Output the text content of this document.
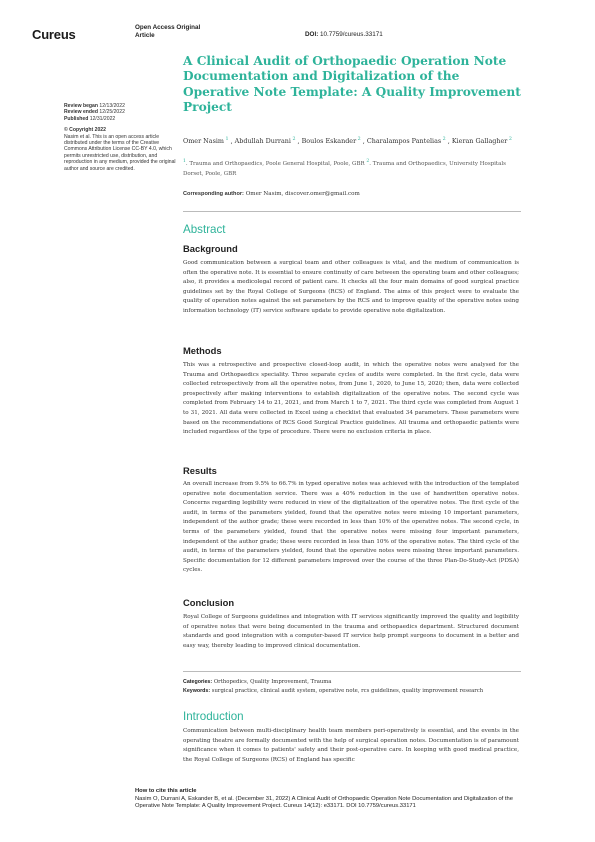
Cureus	Open Access Original
Article	DOI: 10.7759/cureus.33171
Review began 12/13/2022
Review ended 12/25/2022
Published 12/31/2022
© Copyright 2022
Nasim et al. This is an open access article distributed under the terms of the Creative Commons Attribution License CC-BY 4.0, which permits unrestricted use, distribution, and reproduction in any medium, provided the original author and source are credited.
A Clinical Audit of Orthopaedic Operation Note Documentation and Digitalization of the Operative Note Template: A Quality Improvement Project
Omer Nasim $^1$ , Abdullah Durrani $^2$ , Boulos Eskander $^2$ , Charalampos Pantelias $^2$ , Kieran Gallagher $^2$
$^1$. Trauma and Orthopaedics, Poole General Hospital, Poole, GBR $^2$. Trauma and Orthopaedics, University Hospitals Dorset, Poole, GBR
Corresponding author: Omer Nasim, discover.omer@gmail.com
Abstract
Background
Good communication between a surgical team and other colleagues is vital, and the medium of communication is often the operative note. It is essential to ensure continuity of care between the operating team and other colleagues; also, it provides a medicolegal record of patient care. It checks all the four main domains of good surgical practice guidelines set by the Royal College of Surgeons (RCS) of England. The aims of this project were to evaluate the quality of operation notes against the set parameters by the RCS and to improve quality of the operative notes using information technology (IT) service software update to provide operative note digitalization.
Methods
This was a retrospective and prospective closed-loop audit, in which the operative notes were analysed for the Trauma and Orthopaedics speciality. Three separate cycles of audits were completed. In the first cycle, data were collected retrospectively from all the operative notes, from June 1, 2020, to June 15, 2020; then, data were collected prospectively after making interventions to establish digitalization of the operative notes. The second cycle was completed from February 14 to 21, 2021, and from March 1 to 7, 2021. The third cycle was completed from August 1 to 31, 2021. All data were collected in Excel using a checklist that evaluated 34 parameters. These parameters were based on the recommendations of RCS Good Surgical Practice guidelines. All trauma and orthopaedic patients were included regardless of the type of procedure. There were no exclusion criteria in place.
Results
An overall increase from 9.5% to 66.7% in typed operative notes was achieved with the introduction of the templated operative note documentation service. There was a 40% reduction in the use of handwritten operative notes. Concerns regarding legibility were reduced in view of the digitalization of the operative notes. The first cycle of the audit, in terms of the parameters yielded, found that the operative notes were missing 10 important parameters, independent of the author grade; these were recorded in less than 10% of the operative notes. The second cycle, in terms of the parameters yielded, found that the operative notes were missing four important parameters, independent of the author grade; these were recorded in less than 10% of the operative notes. The third cycle of the audit, in terms of the parameters yielded, found that the operative notes were missing three important parameters. Specific documentation for 12 different parameters improved over the course of the three Plan-Do-Study-Act (PDSA) cycles.
Conclusion
Royal College of Surgeons guidelines and integration with IT services significantly improved the quality and legibility of operative notes that were being documented in the trauma and orthopaedics department. Structured document standards and good integration with a computer-based IT service help prompt surgeons to document in a better and easy way, thereby leading to improved clinical documentation.
Categories: Orthopedics, Quality Improvement, Trauma
Keywords: surgical practice, clinical audit system, operative note, rcs guidelines, quality improvement research
Introduction
Communication between multi-disciplinary health team members peri-operatively is essential, and the events in the operating theatre are formally documented with the help of surgical operation notes. Documentation is of paramount significance when it comes to patients' safety and their post-operative care. In keeping with good medical practice, the Royal College of Surgeons (RCS) of England has specific
How to cite this article
Nasim O, Durrani A, Eskander B, et al. (December 31, 2022) A Clinical Audit of Orthopaedic Operation Note Documentation and Digitalization of the Operative Note Template: A Quality Improvement Project. Cureus 14(12): e33171. DOI 10.7759/cureus.33171
